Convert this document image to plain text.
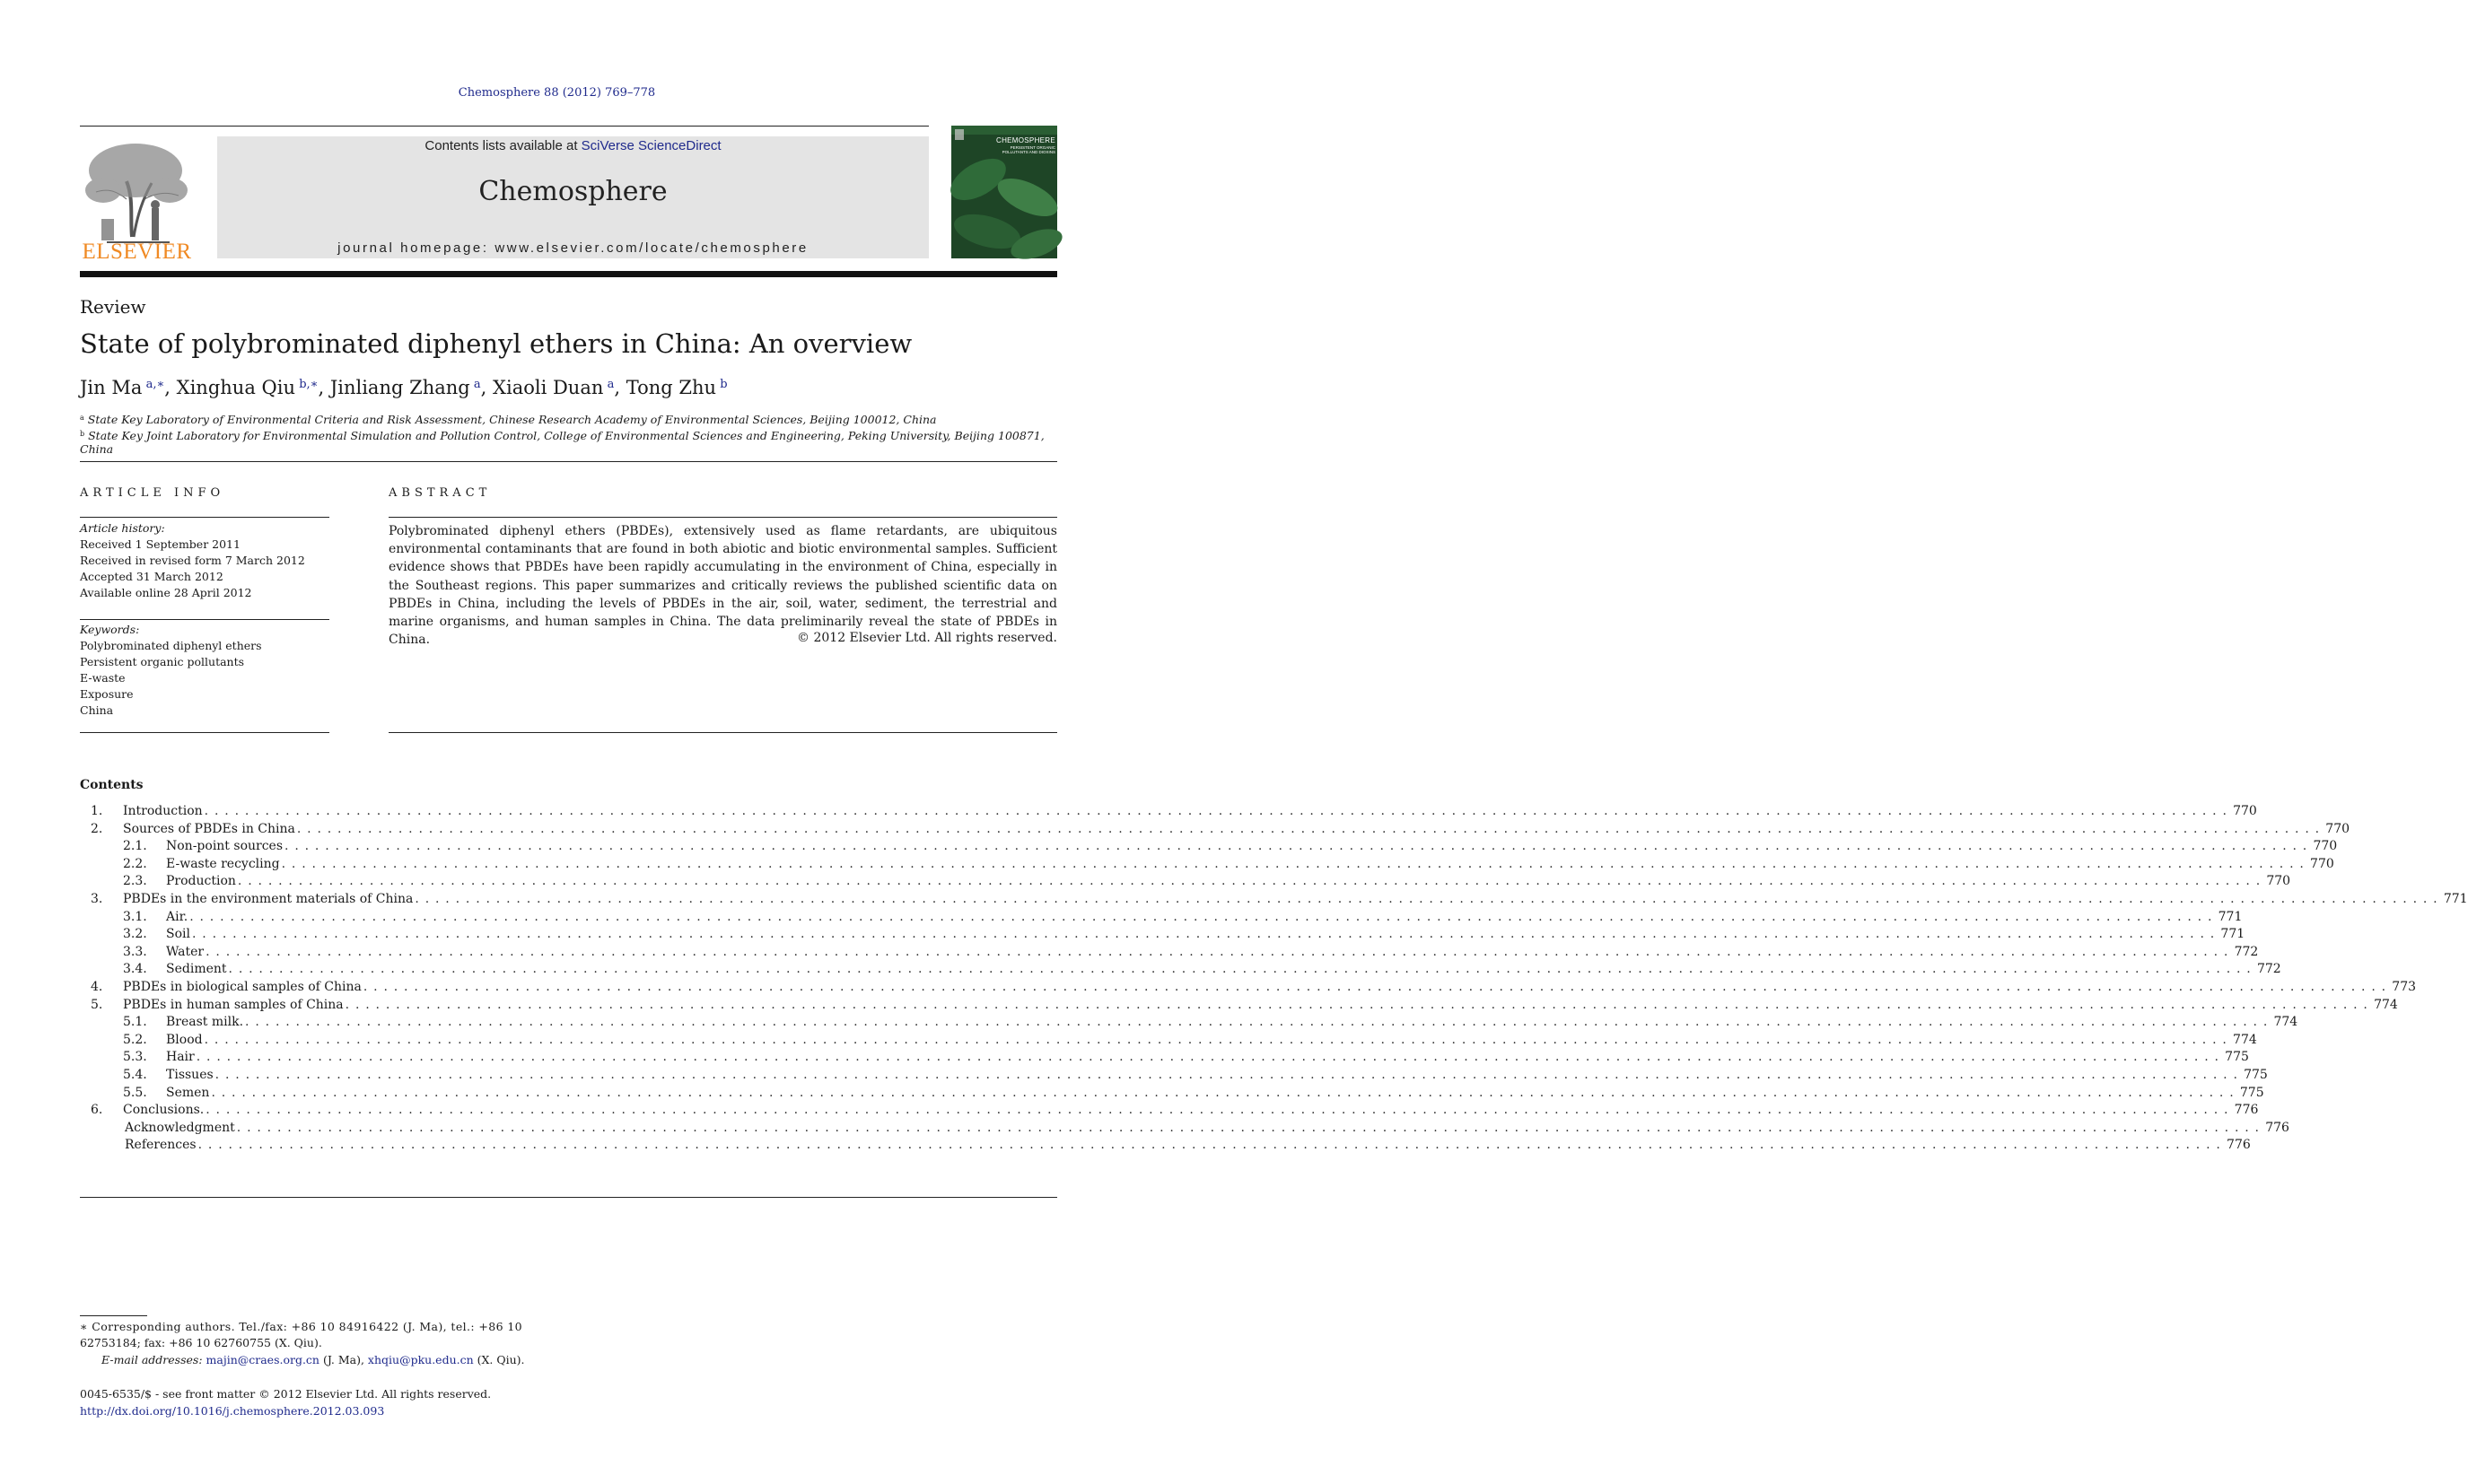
Chemosphere 88 (2012) 769–778
ELSEVIER
Contents lists available at SciVerse ScienceDirect
Chemosphere
journal homepage: www.elsevier.com/locate/chemosphere
CHEMOSPHERE
PERSISTENT ORGANIC POLLUTANTS AND DIOXINS
Review
State of polybrominated diphenyl ethers in China: An overview
Jin Ma  $^{a,∗}$, Xinghua Qiu  $^{b,∗}$, Jinliang Zhang  $^a$, Xiaoli Duan  $^a$, Tong Zhu  $^b$
$^a$ State Key Laboratory of Environmental Criteria and Risk Assessment, Chinese Research Academy of Environmental Sciences, Beijing 100012, China
$^b$ State Key Joint Laboratory for Environmental Simulation and Pollution Control, College of Environmental Sciences and Engineering, Peking University, Beijing 100871, China
ARTICLE INFO
Article history:
Received 1 September 2011
Received in revised form 7 March 2012
Accepted 31 March 2012
Available online 28 April 2012
Keywords:
Polybrominated diphenyl ethers
Persistent organic pollutants
E-waste
Exposure
China
ABSTRACT
Polybrominated diphenyl ethers (PBDEs), extensively used as flame retardants, are ubiquitous environmental contaminants that are found in both abiotic and biotic environmental samples. Sufficient evidence shows that PBDEs have been rapidly accumulating in the environment of China, especially in the Southeast regions. This paper summarizes and critically reviews the published scientific data on PBDEs in China, including the levels of PBDEs in the air, soil, water, sediment, the terrestrial and marine organisms, and human samples in China. The data preliminarily reveal the state of PBDEs in China.	© 2012 Elsevier Ltd. All rights reserved.
Contents
1. Introduction . . . . . . . . . . . . . . . . . . . . . . . . . . . . . . . . . . . . . . . . . . . . . . . . . . . . . . . . . . . . . . . . . . . . . . . . . . . . . . . . . . . . . . . . . . . . . . . . . . . . . . . . . . . . . . . . . . . . . . . . . . . . . . . . . . . . . . . . . . . . . . . . . . . . . . . . . . . . . . . . . . . . . . . . . . . . . . . . . . . . . . . . . . . . . . . . . . . . . . . . 770
2. Sources of PBDEs in China . . . . . . . . . . . . . . . . . . . . . . . . . . . . . . . . . . . . . . . . . . . . . . . . . . . . . . . . . . . . . . . . . . . . . . . . . . . . . . . . . . . . . . . . . . . . . . . . . . . . . . . . . . . . . . . . . . . . . . . . . . . . . . . . . . . . . . . . . . . . . . . . . . . . . . . . . . . . . . . . . . . . . . . . . . . . . . . . . . . . . . . . . . . . . . . . . . . . . . . . 770
2.1. Non-point sources . . . . . . . . . . . . . . . . . . . . . . . . . . . . . . . . . . . . . . . . . . . . . . . . . . . . . . . . . . . . . . . . . . . . . . . . . . . . . . . . . . . . . . . . . . . . . . . . . . . . . . . . . . . . . . . . . . . . . . . . . . . . . . . . . . . . . . . . . . . . . . . . . . . . . . . . . . . . . . . . . . . . . . . . . . . . . . . . . . . . . . . . . . . . . . . . . . . . . . . . 770
2.2. E-waste recycling . . . . . . . . . . . . . . . . . . . . . . . . . . . . . . . . . . . . . . . . . . . . . . . . . . . . . . . . . . . . . . . . . . . . . . . . . . . . . . . . . . . . . . . . . . . . . . . . . . . . . . . . . . . . . . . . . . . . . . . . . . . . . . . . . . . . . . . . . . . . . . . . . . . . . . . . . . . . . . . . . . . . . . . . . . . . . . . . . . . . . . . . . . . . . . . . . . . . . . . . 770
2.3. Production . . . . . . . . . . . . . . . . . . . . . . . . . . . . . . . . . . . . . . . . . . . . . . . . . . . . . . . . . . . . . . . . . . . . . . . . . . . . . . . . . . . . . . . . . . . . . . . . . . . . . . . . . . . . . . . . . . . . . . . . . . . . . . . . . . . . . . . . . . . . . . . . . . . . . . . . . . . . . . . . . . . . . . . . . . . . . . . . . . . . . . . . . . . . . . . . . . . . . . . . 770
3. PBDEs in the environment materials of China . . . . . . . . . . . . . . . . . . . . . . . . . . . . . . . . . . . . . . . . . . . . . . . . . . . . . . . . . . . . . . . . . . . . . . . . . . . . . . . . . . . . . . . . . . . . . . . . . . . . . . . . . . . . . . . . . . . . . . . . . . . . . . . . . . . . . . . . . . . . . . . . . . . . . . . . . . . . . . . . . . . . . . . . . . . . . . . . . . . . . . . . . . . . . . . . . . . . . . . . 771
3.1. Air. . . . . . . . . . . . . . . . . . . . . . . . . . . . . . . . . . . . . . . . . . . . . . . . . . . . . . . . . . . . . . . . . . . . . . . . . . . . . . . . . . . . . . . . . . . . . . . . . . . . . . . . . . . . . . . . . . . . . . . . . . . . . . . . . . . . . . . . . . . . . . . . . . . . . . . . . . . . . . . . . . . . . . . . . . . . . . . . . . . . . . . . . . . . . . . . . . . . . . . . . 771
3.2. Soil . . . . . . . . . . . . . . . . . . . . . . . . . . . . . . . . . . . . . . . . . . . . . . . . . . . . . . . . . . . . . . . . . . . . . . . . . . . . . . . . . . . . . . . . . . . . . . . . . . . . . . . . . . . . . . . . . . . . . . . . . . . . . . . . . . . . . . . . . . . . . . . . . . . . . . . . . . . . . . . . . . . . . . . . . . . . . . . . . . . . . . . . . . . . . . . . . . . . . . . . 771
3.3. Water . . . . . . . . . . . . . . . . . . . . . . . . . . . . . . . . . . . . . . . . . . . . . . . . . . . . . . . . . . . . . . . . . . . . . . . . . . . . . . . . . . . . . . . . . . . . . . . . . . . . . . . . . . . . . . . . . . . . . . . . . . . . . . . . . . . . . . . . . . . . . . . . . . . . . . . . . . . . . . . . . . . . . . . . . . . . . . . . . . . . . . . . . . . . . . . . . . . . . . . . 772
3.4. Sediment . . . . . . . . . . . . . . . . . . . . . . . . . . . . . . . . . . . . . . . . . . . . . . . . . . . . . . . . . . . . . . . . . . . . . . . . . . . . . . . . . . . . . . . . . . . . . . . . . . . . . . . . . . . . . . . . . . . . . . . . . . . . . . . . . . . . . . . . . . . . . . . . . . . . . . . . . . . . . . . . . . . . . . . . . . . . . . . . . . . . . . . . . . . . . . . . . . . . . . . . 772
4. PBDEs in biological samples of China . . . . . . . . . . . . . . . . . . . . . . . . . . . . . . . . . . . . . . . . . . . . . . . . . . . . . . . . . . . . . . . . . . . . . . . . . . . . . . . . . . . . . . . . . . . . . . . . . . . . . . . . . . . . . . . . . . . . . . . . . . . . . . . . . . . . . . . . . . . . . . . . . . . . . . . . . . . . . . . . . . . . . . . . . . . . . . . . . . . . . . . . . . . . . . . . . . . . . . . . 773
5. PBDEs in human samples of China . . . . . . . . . . . . . . . . . . . . . . . . . . . . . . . . . . . . . . . . . . . . . . . . . . . . . . . . . . . . . . . . . . . . . . . . . . . . . . . . . . . . . . . . . . . . . . . . . . . . . . . . . . . . . . . . . . . . . . . . . . . . . . . . . . . . . . . . . . . . . . . . . . . . . . . . . . . . . . . . . . . . . . . . . . . . . . . . . . . . . . . . . . . . . . . . . . . . . . . . 774
5.1. Breast milk. . . . . . . . . . . . . . . . . . . . . . . . . . . . . . . . . . . . . . . . . . . . . . . . . . . . . . . . . . . . . . . . . . . . . . . . . . . . . . . . . . . . . . . . . . . . . . . . . . . . . . . . . . . . . . . . . . . . . . . . . . . . . . . . . . . . . . . . . . . . . . . . . . . . . . . . . . . . . . . . . . . . . . . . . . . . . . . . . . . . . . . . . . . . . . . . . . . . . . . . . 774
5.2. Blood . . . . . . . . . . . . . . . . . . . . . . . . . . . . . . . . . . . . . . . . . . . . . . . . . . . . . . . . . . . . . . . . . . . . . . . . . . . . . . . . . . . . . . . . . . . . . . . . . . . . . . . . . . . . . . . . . . . . . . . . . . . . . . . . . . . . . . . . . . . . . . . . . . . . . . . . . . . . . . . . . . . . . . . . . . . . . . . . . . . . . . . . . . . . . . . . . . . . . . . . 774
5.3. Hair . . . . . . . . . . . . . . . . . . . . . . . . . . . . . . . . . . . . . . . . . . . . . . . . . . . . . . . . . . . . . . . . . . . . . . . . . . . . . . . . . . . . . . . . . . . . . . . . . . . . . . . . . . . . . . . . . . . . . . . . . . . . . . . . . . . . . . . . . . . . . . . . . . . . . . . . . . . . . . . . . . . . . . . . . . . . . . . . . . . . . . . . . . . . . . . . . . . . . . . . 775
5.4. Tissues . . . . . . . . . . . . . . . . . . . . . . . . . . . . . . . . . . . . . . . . . . . . . . . . . . . . . . . . . . . . . . . . . . . . . . . . . . . . . . . . . . . . . . . . . . . . . . . . . . . . . . . . . . . . . . . . . . . . . . . . . . . . . . . . . . . . . . . . . . . . . . . . . . . . . . . . . . . . . . . . . . . . . . . . . . . . . . . . . . . . . . . . . . . . . . . . . . . . . . . . 775
5.5. Semen . . . . . . . . . . . . . . . . . . . . . . . . . . . . . . . . . . . . . . . . . . . . . . . . . . . . . . . . . . . . . . . . . . . . . . . . . . . . . . . . . . . . . . . . . . . . . . . . . . . . . . . . . . . . . . . . . . . . . . . . . . . . . . . . . . . . . . . . . . . . . . . . . . . . . . . . . . . . . . . . . . . . . . . . . . . . . . . . . . . . . . . . . . . . . . . . . . . . . . . . 775
6. Conclusions. . . . . . . . . . . . . . . . . . . . . . . . . . . . . . . . . . . . . . . . . . . . . . . . . . . . . . . . . . . . . . . . . . . . . . . . . . . . . . . . . . . . . . . . . . . . . . . . . . . . . . . . . . . . . . . . . . . . . . . . . . . . . . . . . . . . . . . . . . . . . . . . . . . . . . . . . . . . . . . . . . . . . . . . . . . . . . . . . . . . . . . . . . . . . . . . . . . . . . . . . 776
Acknowledgment . . . . . . . . . . . . . . . . . . . . . . . . . . . . . . . . . . . . . . . . . . . . . . . . . . . . . . . . . . . . . . . . . . . . . . . . . . . . . . . . . . . . . . . . . . . . . . . . . . . . . . . . . . . . . . . . . . . . . . . . . . . . . . . . . . . . . . . . . . . . . . . . . . . . . . . . . . . . . . . . . . . . . . . . . . . . . . . . . . . . . . . . . . . . . . . . . . . . . . . . 776
References . . . . . . . . . . . . . . . . . . . . . . . . . . . . . . . . . . . . . . . . . . . . . . . . . . . . . . . . . . . . . . . . . . . . . . . . . . . . . . . . . . . . . . . . . . . . . . . . . . . . . . . . . . . . . . . . . . . . . . . . . . . . . . . . . . . . . . . . . . . . . . . . . . . . . . . . . . . . . . . . . . . . . . . . . . . . . . . . . . . . . . . . . . . . . . . . . . . . . . . . 776
∗ Corresponding authors. Tel./fax: +86 10 84916422 (J. Ma), tel.: +86 10
62753184; fax: +86 10 62760755 (X. Qiu).
E-mail addresses: majin@craes.org.cn (J. Ma), xhqiu@pku.edu.cn (X. Qiu).
0045-6535/$ - see front matter © 2012 Elsevier Ltd. All rights reserved.
http://dx.doi.org/10.1016/j.chemosphere.2012.03.093
